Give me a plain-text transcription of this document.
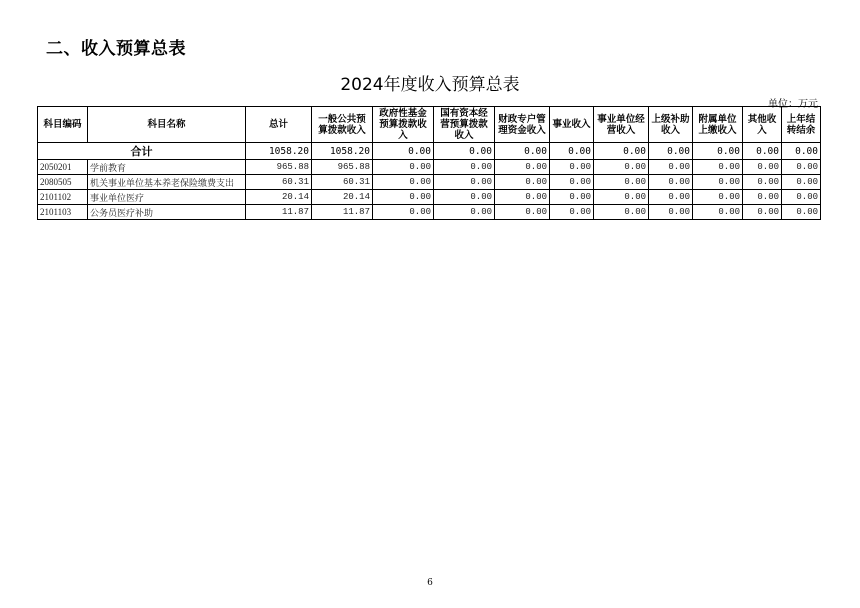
二、收入预算总表
2024年度收入预算总表
单位：万元
科目编码	科目名称	总计	一般公共预算拨款收入	政府性基金预算拨款收入	国有资本经营预算拨款收入	财政专户管理资金收入	事业收入	事业单位经营收入	上级补助收入	附属单位上缴收入	其他收入	上年结转结余
合计		1058.20	1058.20	0.00	0.00	0.00	0.00	0.00	0.00	0.00	0.00	0.00
2050201	学前教育	965.88	965.88	0.00	0.00	0.00	0.00	0.00	0.00	0.00	0.00	0.00
2080505	机关事业单位基本养老保险缴费支出	60.31	60.31	0.00	0.00	0.00	0.00	0.00	0.00	0.00	0.00	0.00
2101102	事业单位医疗	20.14	20.14	0.00	0.00	0.00	0.00	0.00	0.00	0.00	0.00	0.00
2101103	公务员医疗补助	11.87	11.87	0.00	0.00	0.00	0.00	0.00	0.00	0.00	0.00	0.00
6
